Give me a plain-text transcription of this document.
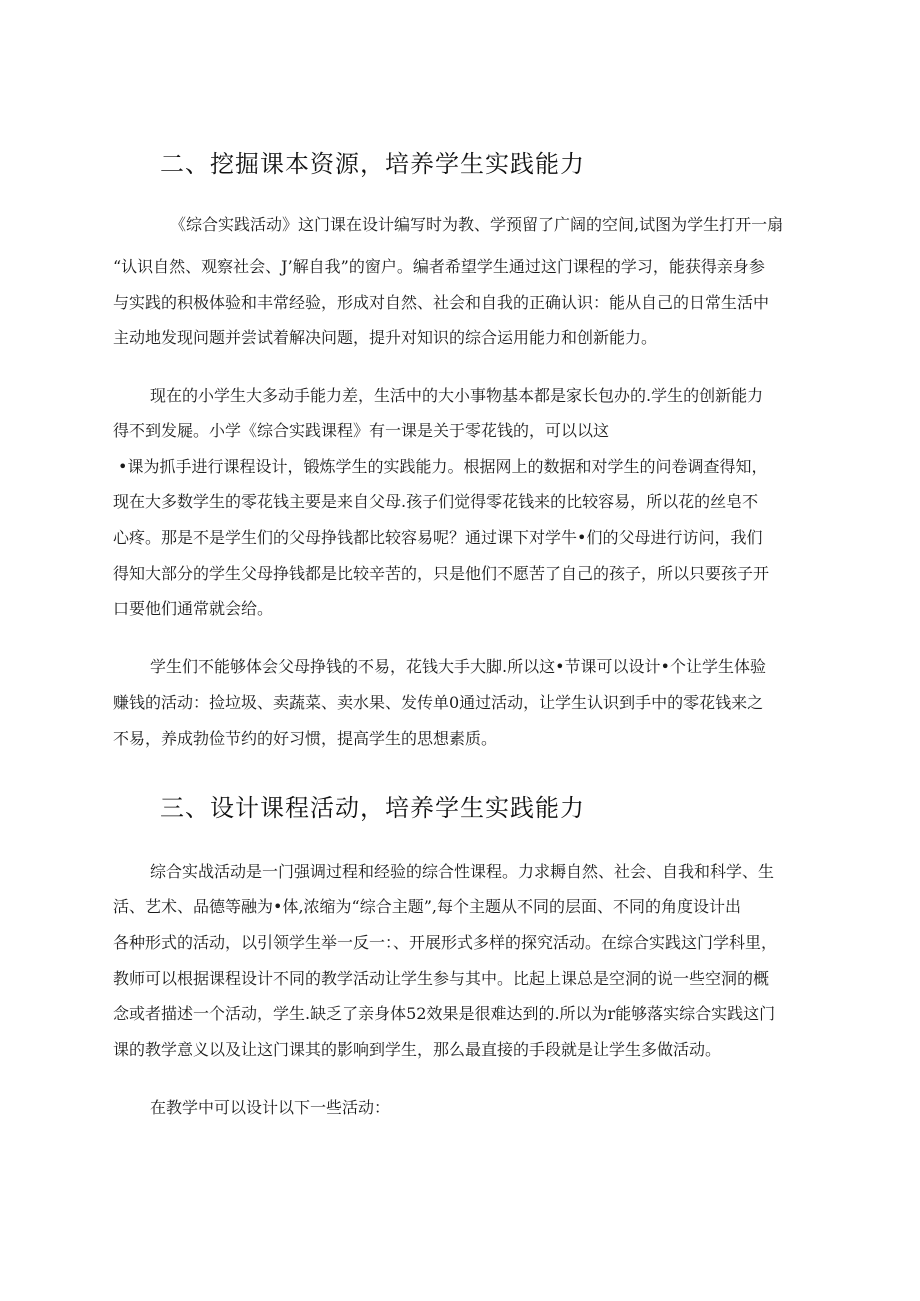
二、挖掘课本资源，培养学生实践能力
《综合实践活动》这门课在设计编写时为教、学预留了广阔的空间,试图为学生打开一扇
“认识自然、观察社会、J’解自我”的窗户。编者希望学生通过这门课程的学习，能获得亲身参
与实践的积极体验和丰常经验，形成对自然、社会和自我的正确认识：能从自己的日常生活中
主动地发现问题并尝试着解决问题，提升对知识的综合运用能力和创新能力。
现在的小学生大多动手能力差，生活中的大小事物基本都是家长包办的.学生的创新能力
得不到发屣。小学《综合实践课程》有一课是关于零花钱的，可以以这
•课为抓手进行课程设计，锻炼学生的实践能力。根据网上的数据和对学生的问卷调查得知，
现在大多数学生的零花钱主要是来自父母.孩子们觉得零花钱来的比较容易，所以花的丝皂不
心疼。那是不是学生们的父母挣钱都比较容易呢？通过课下对学牛•们的父母进行访问，我们
得知大部分的学生父母挣钱都是比较辛苦的，只是他们不愿苦了自己的孩子，所以只要孩子开
口要他们通常就会给。
学生们不能够体会父母挣钱的不易，花钱大手大脚.所以这•节课可以设计•个让学生体验
赚钱的活动：捡垃圾、卖蔬菜、卖水果、发传单0通过活动，让学生认识到手中的零花钱来之
不易，养成勃俭节约的好习惯，提高学生的思想素质。
三、设计课程活动，培养学生实践能力
综合实战活动是一门强调过程和经验的综合性课程。力求耨自然、社会、自我和科学、生
活、艺术、品德等融为•体,浓缩为“综合主题”,每个主题从不同的层面、不同的角度设计出
各种形式的活动，以引领学生举一反一：、开展形式多样的探究活动。在综合实践这门学科里，
教师可以根据课程设计不同的教学活动让学生参与其中。比起上课总是空洞的说一些空洞的概
念或者描述一个活动，学生.缺乏了亲身体52效果是很难达到的.所以为r能够落实综合实践这门
课的教学意义以及让这门课其的影响到学生，那么最直接的手段就是让学生多做活动。
在教学中可以设计以下一些活动：
